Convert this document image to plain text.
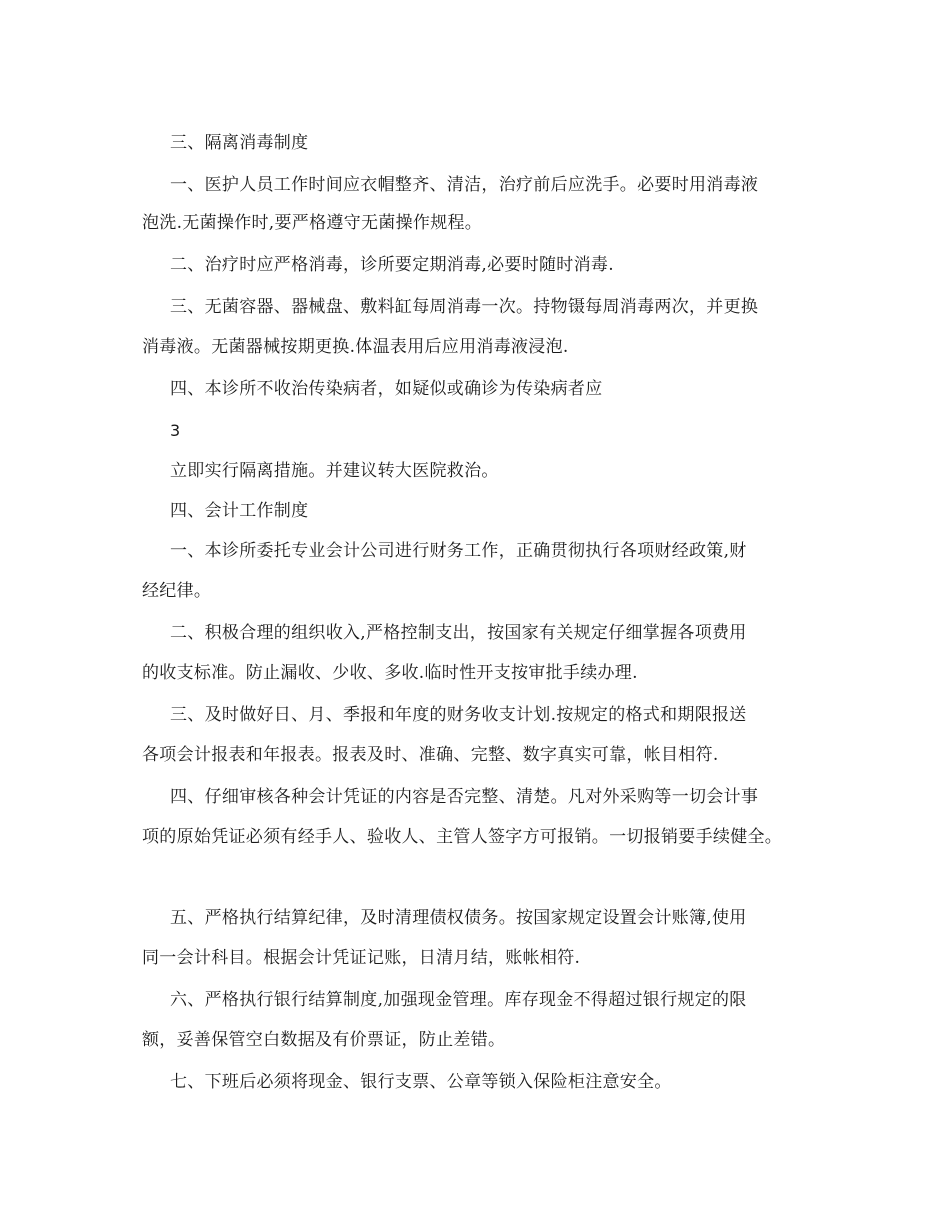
三、隔离消毒制度
一、医护人员工作时间应衣帽整齐、清洁，治疗前后应洗手。必要时用消毒液
泡洗.无菌操作时,要严格遵守无菌操作规程。
二、治疗时应严格消毒，诊所要定期消毒,必要时随时消毒.
三、无菌容器、器械盘、敷料缸每周消毒一次。持物镊每周消毒两次，并更换
消毒液。无菌器械按期更换.体温表用后应用消毒液浸泡.
四、本诊所不收治传染病者，如疑似或确诊为传染病者应
3
立即实行隔离措施。并建议转大医院救治。
四、会计工作制度
一、本诊所委托专业会计公司进行财务工作，正确贯彻执行各项财经政策,财
经纪律。
二、积极合理的组织收入,严格控制支出，按国家有关规定仔细掌握各项费用
的收支标准。防止漏收、少收、多收.临时性开支按审批手续办理.
三、及时做好日、月、季报和年度的财务收支计划.按规定的格式和期限报送
各项会计报表和年报表。报表及时、准确、完整、数字真实可靠，帐目相符.
四、仔细审核各种会计凭证的内容是否完整、清楚。凡对外采购等一切会计事
项的原始凭证必须有经手人、验收人、主管人签字方可报销。一切报销要手续健全。
五、严格执行结算纪律，及时清理债权债务。按国家规定设置会计账簿,使用
同一会计科目。根据会计凭证记账，日清月结，账帐相符.
六、严格执行银行结算制度,加强现金管理。库存现金不得超过银行规定的限
额，妥善保管空白数据及有价票证，防止差错。
七、下班后必须将现金、银行支票、公章等锁入保险柜注意安全。
